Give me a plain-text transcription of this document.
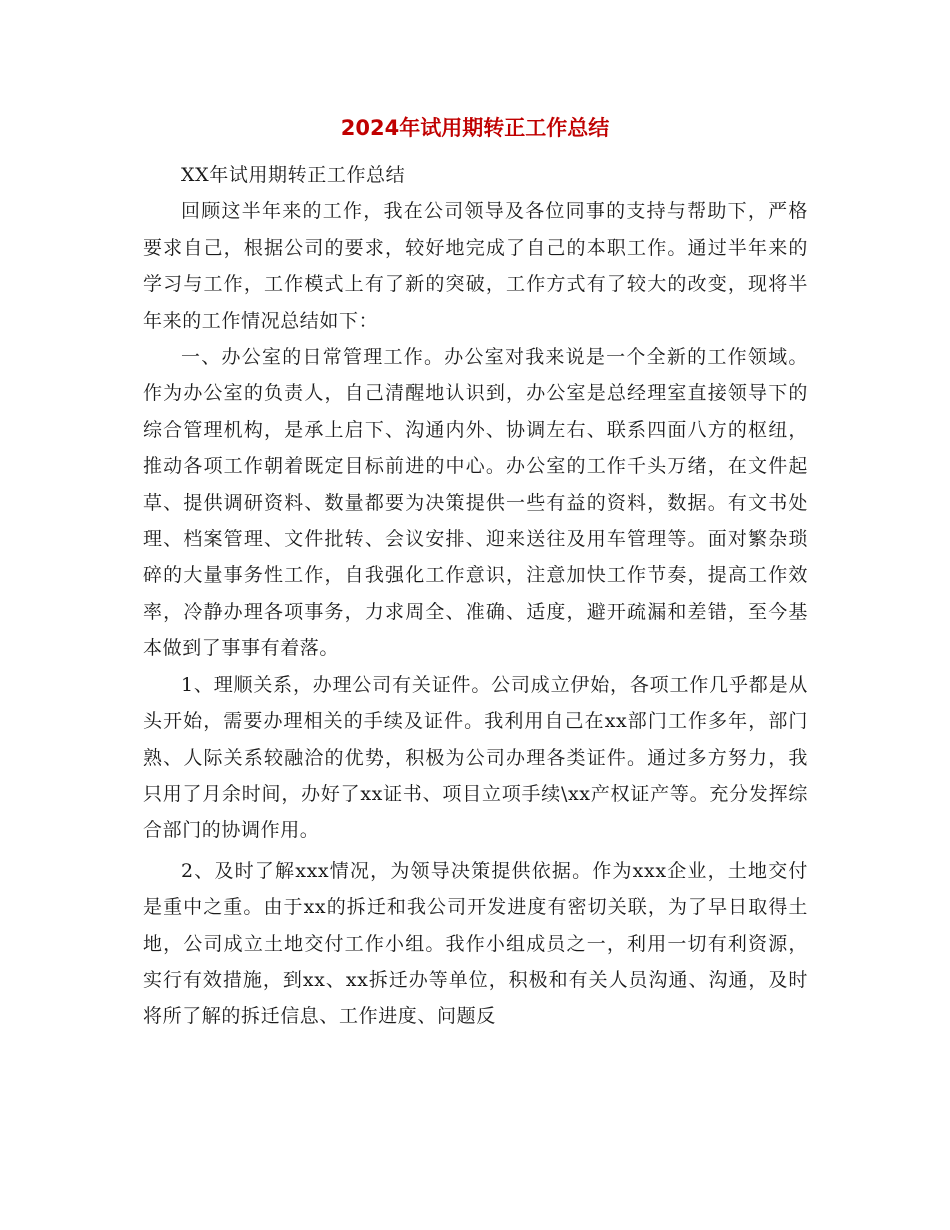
2024年试用期转正工作总结

XX年试用期转正工作总结

回顾这半年来的工作，我在公司领导及各位同事的支持与帮助下，严格要求自己，根据公司的要求，较好地完成了自己的本职工作。通过半年来的学习与工作，工作模式上有了新的突破，工作方式有了较大的改变，现将半年来的工作情况总结如下：

一、办公室的日常管理工作。办公室对我来说是一个全新的工作领域。作为办公室的负责人，自己清醒地认识到，办公室是总经理室直接领导下的综合管理机构，是承上启下、沟通内外、协调左右、联系四面八方的枢纽，推动各项工作朝着既定目标前进的中心。办公室的工作千头万绪，在文件起草、提供调研资料、数量都要为决策提供一些有益的资料，数据。有文书处理、档案管理、文件批转、会议安排、迎来送往及用车管理等。面对繁杂琐碎的大量事务性工作，自我强化工作意识，注意加快工作节奏，提高工作效率，冷静办理各项事务，力求周全、准确、适度，避开疏漏和差错，至今基本做到了事事有着落。

1、理顺关系，办理公司有关证件。公司成立伊始，各项工作几乎都是从头开始，需要办理相关的手续及证件。我利用自己在xx部门工作多年，部门熟、人际关系较融洽的优势，积极为公司办理各类证件。通过多方努力，我只用了月余时间，办好了xx证书、项目立项手续\xx产权证产等。充分发挥综合部门的协调作用。

2、及时了解xxx情况，为领导决策提供依据。作为xxx企业，土地交付是重中之重。由于xx的拆迁和我公司开发进度有密切关联，为了早日取得土地，公司成立土地交付工作小组。我作小组成员之一，利用一切有利资源，实行有效措施，到xx、xx拆迁办等单位，积极和有关人员沟通、沟通，及时将所了解的拆迁信息、工作进度、问题反
